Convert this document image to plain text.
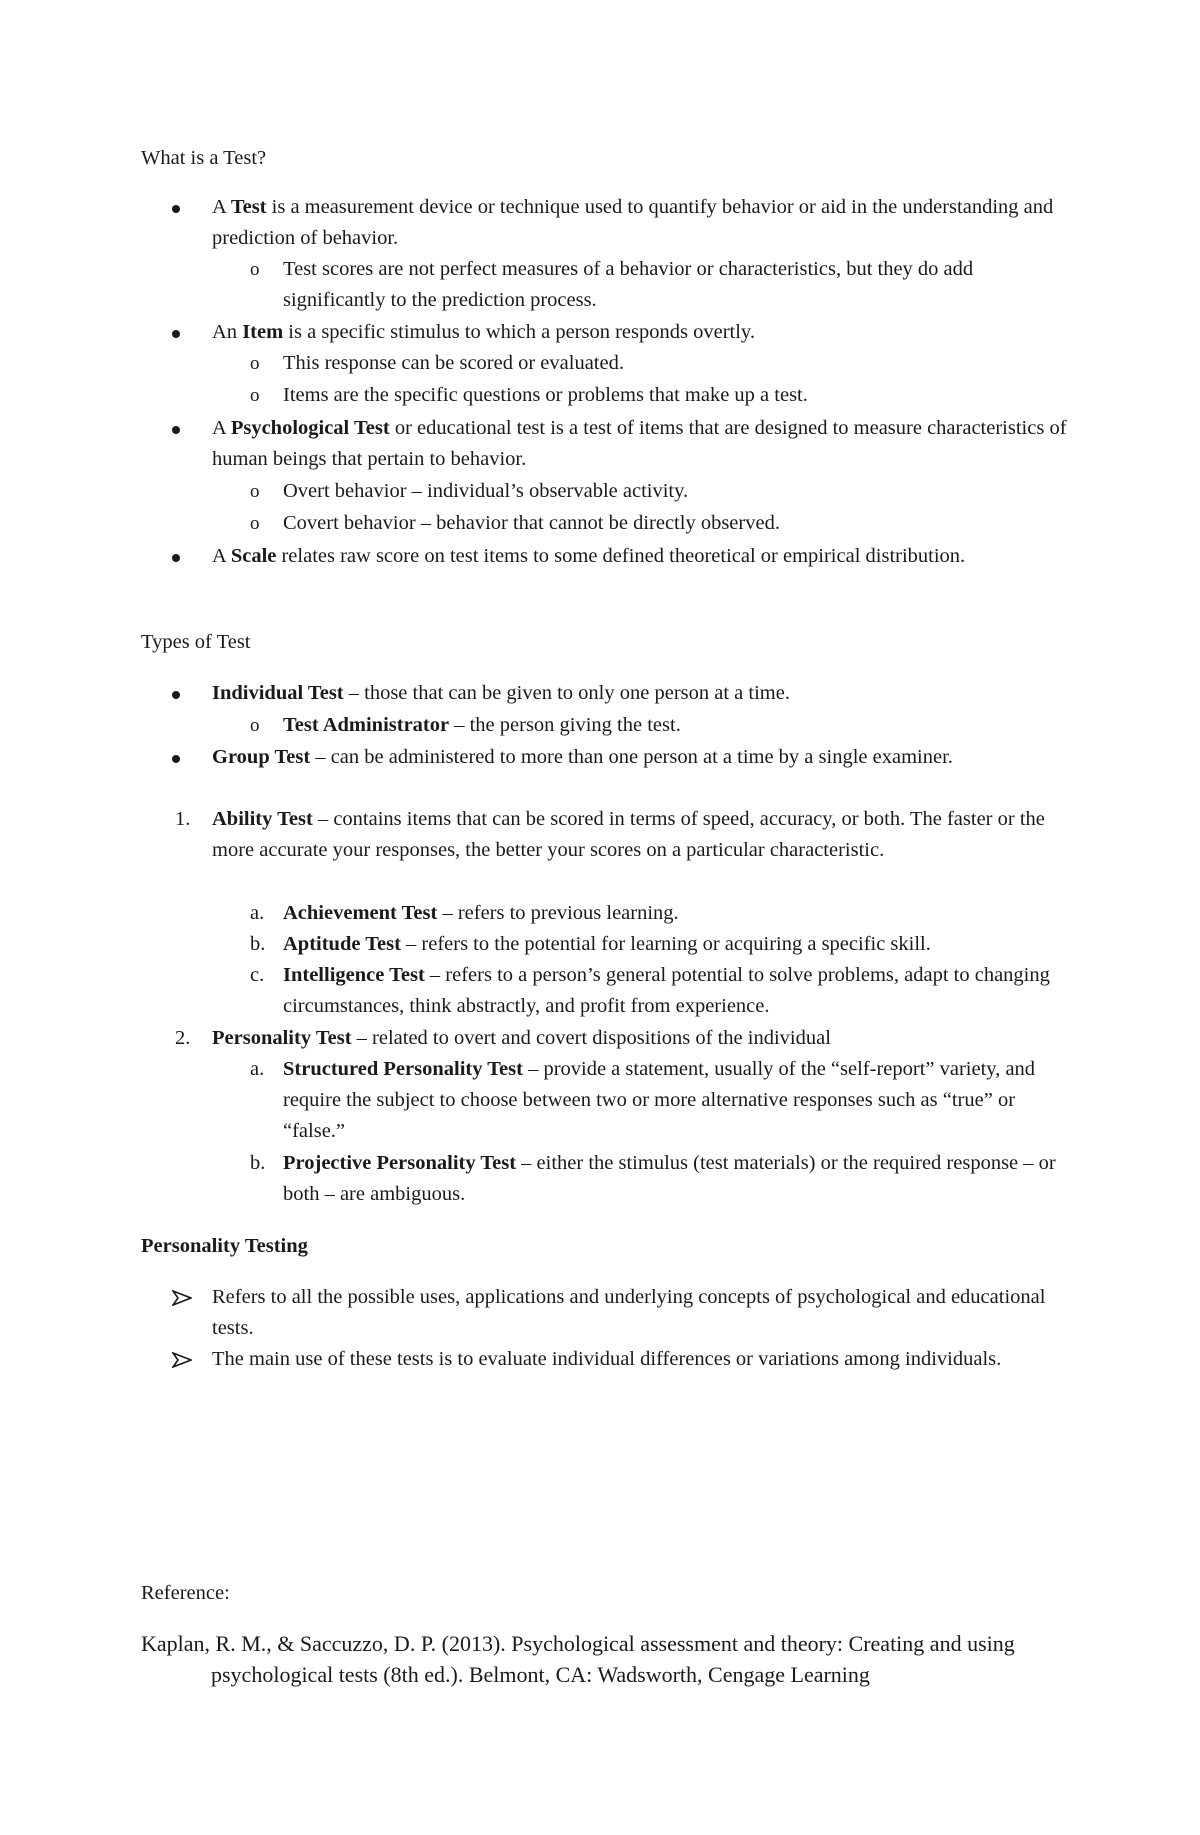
What is a Test?
A Test is a measurement device or technique used to quantify behavior or aid in the understanding and prediction of behavior.
o Test scores are not perfect measures of a behavior or characteristics, but they do add significantly to the prediction process.
An Item is a specific stimulus to which a person responds overtly.
o This response can be scored or evaluated.
o Items are the specific questions or problems that make up a test.
A Psychological Test or educational test is a test of items that are designed to measure characteristics of human beings that pertain to behavior.
o Overt behavior – individual’s observable activity.
o Covert behavior – behavior that cannot be directly observed.
A Scale relates raw score on test items to some defined theoretical or empirical distribution.
Types of Test
Individual Test – those that can be given to only one person at a time.
o Test Administrator – the person giving the test.
Group Test – can be administered to more than one person at a time by a single examiner.
1. Ability Test – contains items that can be scored in terms of speed, accuracy, or both. The faster or the more accurate your responses, the better your scores on a particular characteristic.
a. Achievement Test – refers to previous learning.
b. Aptitude Test – refers to the potential for learning or acquiring a specific skill.
c. Intelligence Test – refers to a person’s general potential to solve problems, adapt to changing circumstances, think abstractly, and profit from experience.
2. Personality Test – related to overt and covert dispositions of the individual
a. Structured Personality Test – provide a statement, usually of the “self-report” variety, and require the subject to choose between two or more alternative responses such as “true” or “false.”
b. Projective Personality Test – either the stimulus (test materials) or the required response – or both – are ambiguous.
Personality Testing
Refers to all the possible uses, applications and underlying concepts of psychological and educational tests.
The main use of these tests is to evaluate individual differences or variations among individuals.
Reference:
Kaplan, R. M., & Saccuzzo, D. P. (2013). Psychological assessment and theory: Creating and using psychological tests (8th ed.). Belmont, CA: Wadsworth, Cengage Learning
